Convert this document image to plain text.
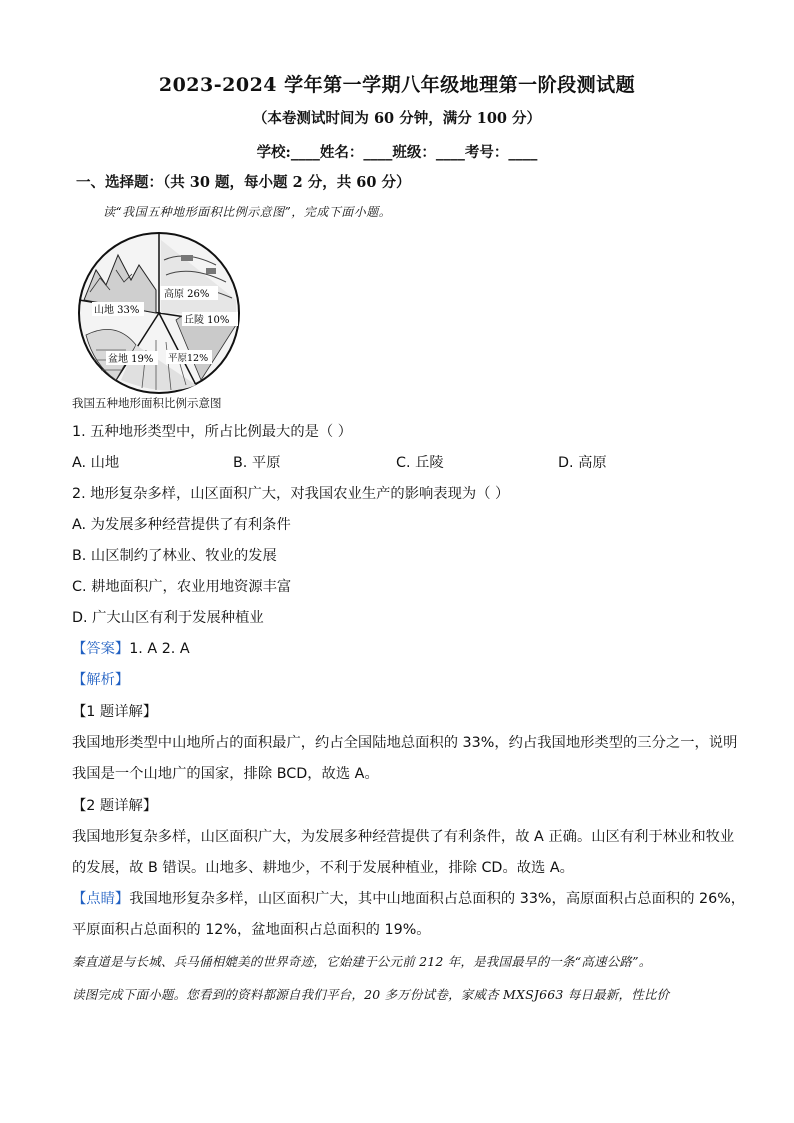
2023-2024 学年第一学期八年级地理第一阶段测试题
（本卷测试时间为 60 分钟，满分 100 分）
学校:____姓名：____班级：____考号：____
一、选择题：（共 30 题，每小题 2 分，共 60 分）
读“我国五种地形面积比例示意图”，完成下面小题。
高原 26%
山地 33%
丘陵 10%
盆地 19% 平原12%
我国五种地形面积比例示意图
1. 五种地形类型中，所占比例最大的是（ ）
A. 山地	B. 平原	C. 丘陵	D. 高原
2. 地形复杂多样，山区面积广大，对我国农业生产的影响表现为（ ）
A. 为发展多种经营提供了有利条件
B. 山区制约了林业、牧业的发展
C. 耕地面积广，农业用地资源丰富
D. 广大山区有利于发展种植业
【答案】1. A 2. A
【解析】
【1 题详解】
我国地形类型中山地所占的面积最广，约占全国陆地总面积的 33%，约占我国地形类型的三分之一，说明
我国是一个山地广的国家，排除 BCD，故选 A。
【2 题详解】
我国地形复杂多样，山区面积广大，为发展多种经营提供了有利条件，故 A 正确。山区有利于林业和牧业
的发展，故 B 错误。山地多、耕地少，不利于发展种植业，排除 CD。故选 A。
【点睛】我国地形复杂多样，山区面积广大，其中山地面积占总面积的 33%，高原面积占总面积的 26%，
平原面积占总面积的 12%，盆地面积占总面积的 19%。
秦直道是与长城、兵马俑相媲美的世界奇迹，它始建于公元前 212 年，是我国最早的一条“高速公路”。
读图完成下面小题。您看到的资料都源自我们平台，20 多万份试卷，家威杏 MXSJ663 每日最新，性比价
